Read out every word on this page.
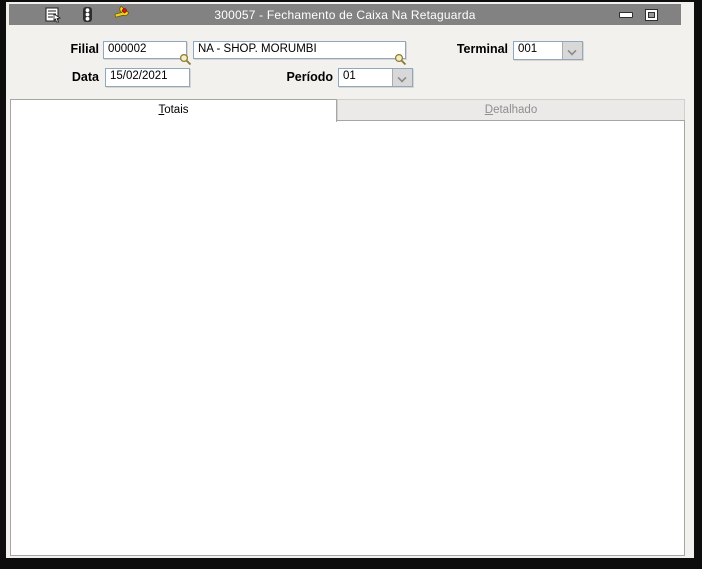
300057 - Fechamento de Caixa Na Retaguarda
Filial 000002	NA - SHOP. MORUMBI	Terminal 001
Data 15/02/2021	Período 01
Totais	Detalhado
